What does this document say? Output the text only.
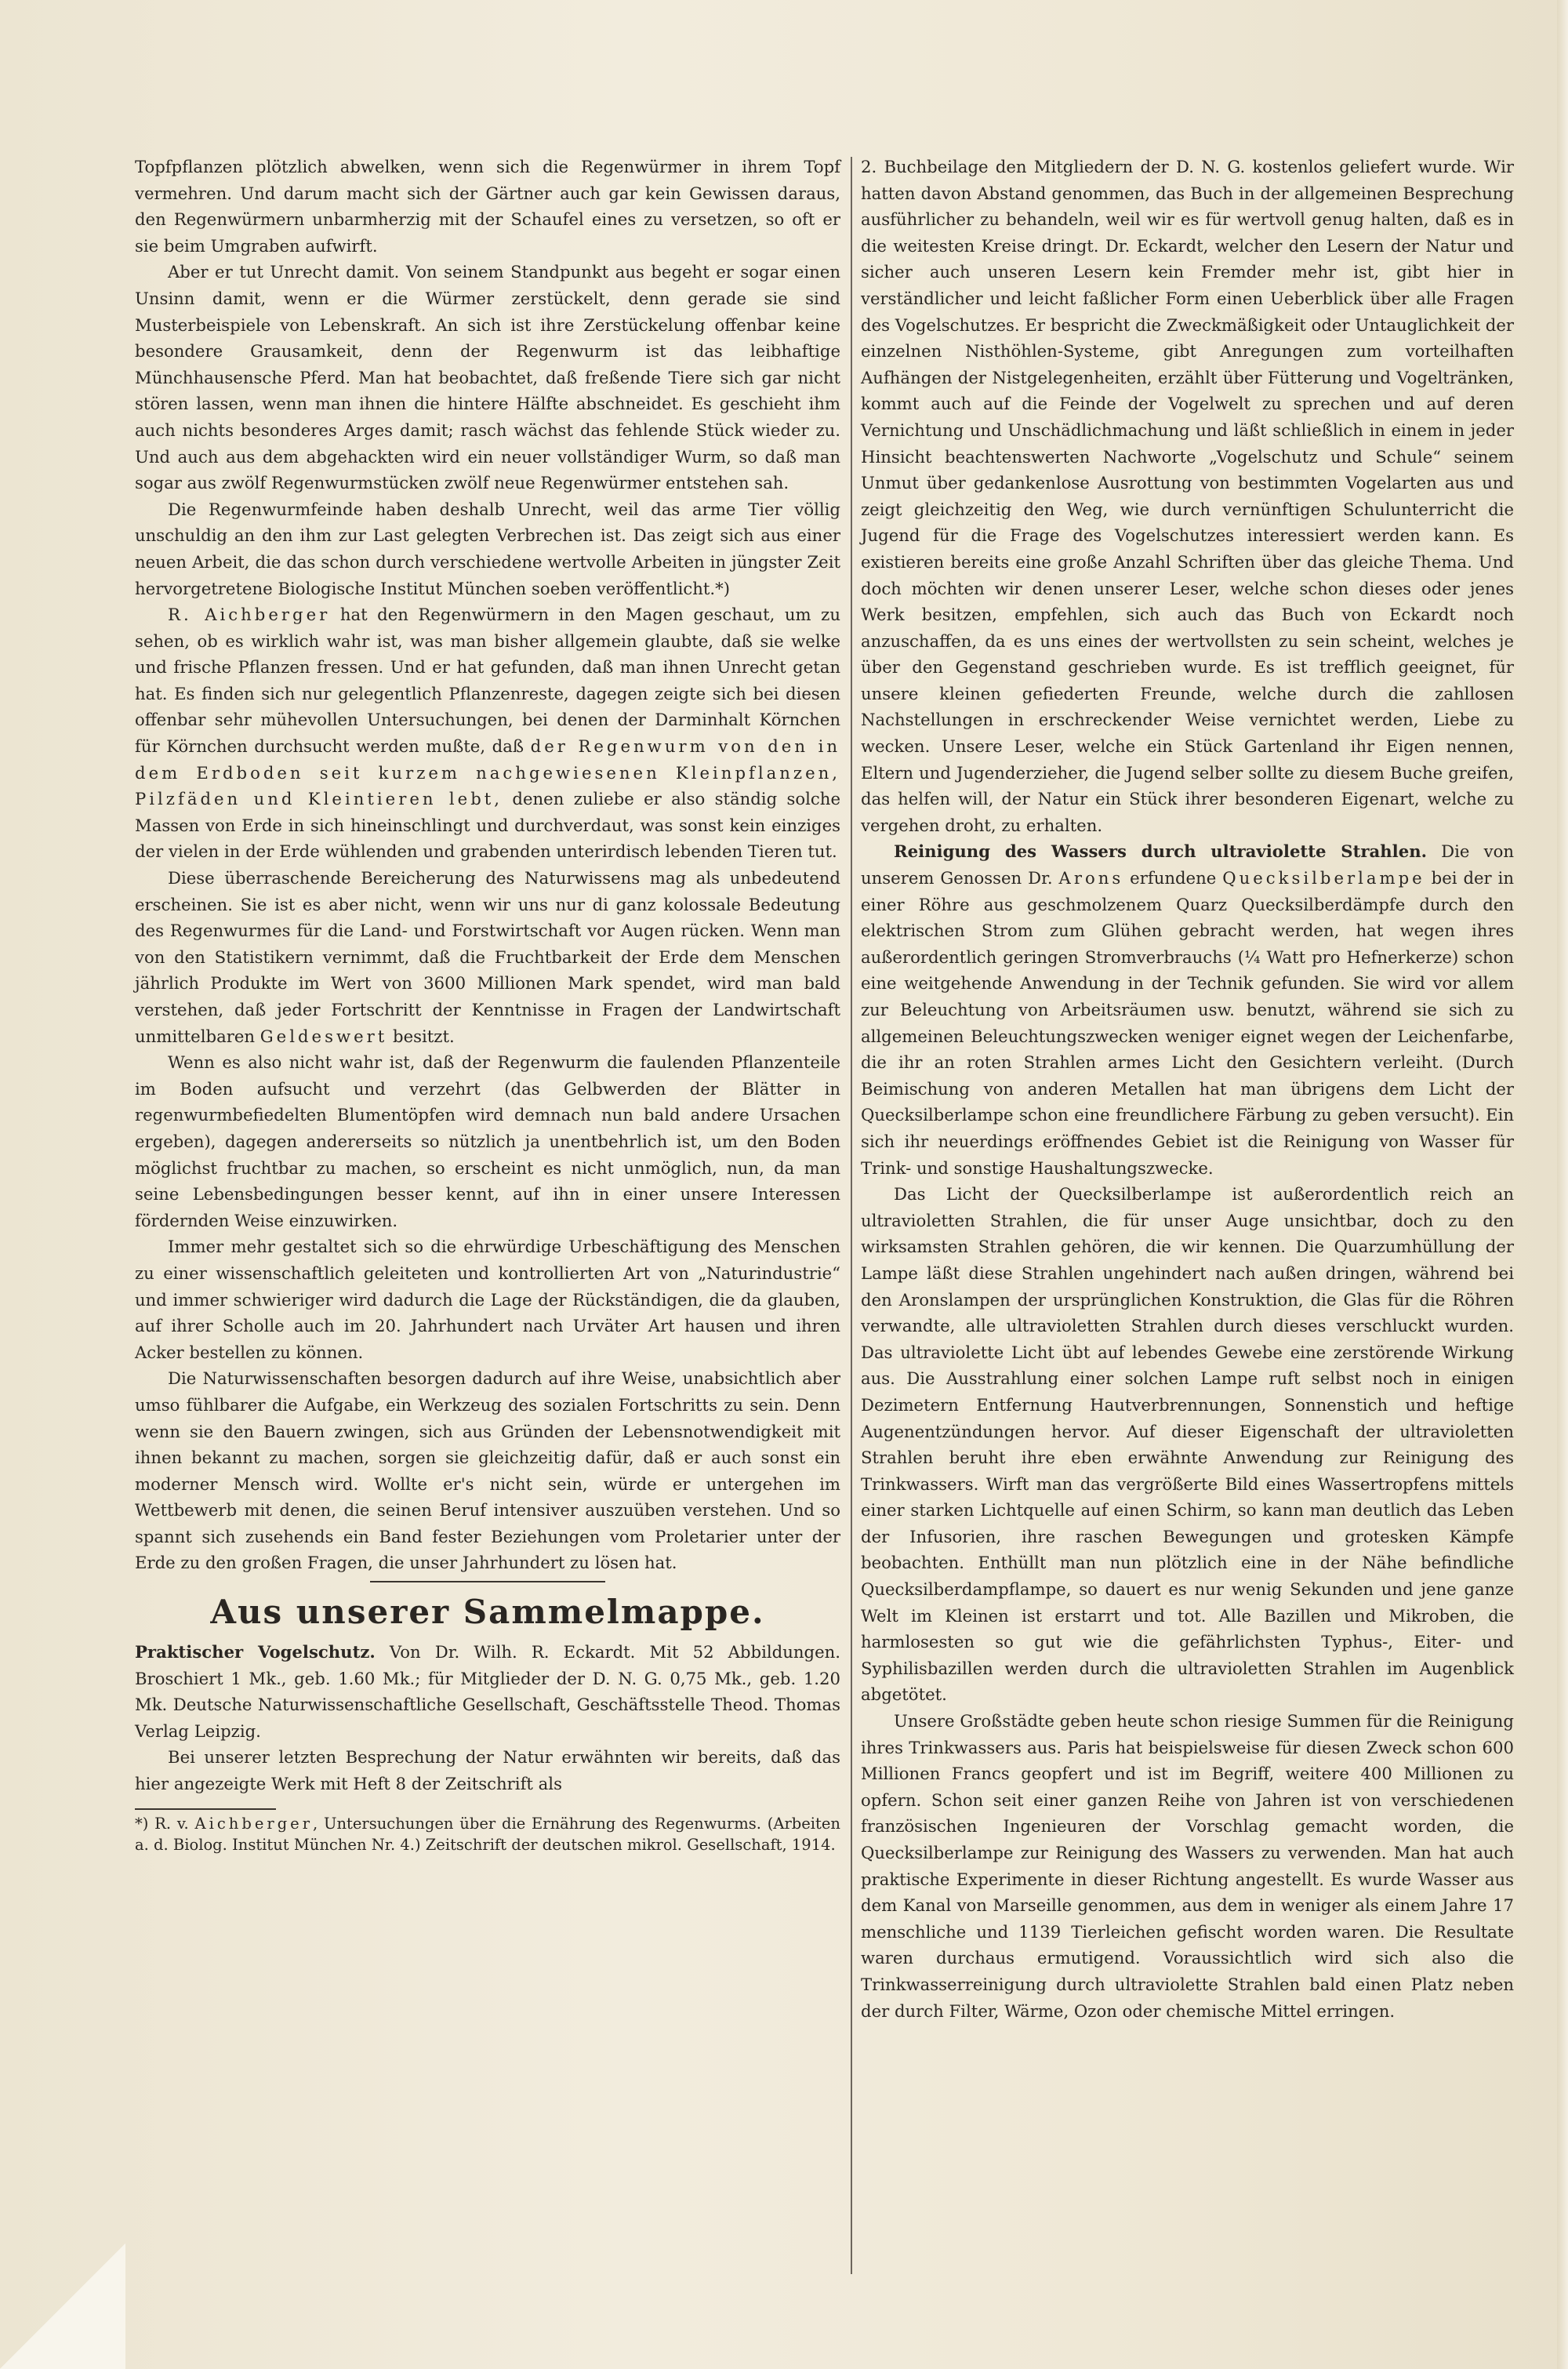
Topfpflanzen plötzlich abwelken, wenn sich die Regenwürmer in ihrem Topf vermehren. Und darum macht sich der Gärtner auch gar kein Gewissen daraus, den Regenwürmern unbarmherzig mit der Schaufel eines zu versetzen, so oft er sie beim Umgraben aufwirft.

Aber er tut Unrecht damit. Von seinem Standpunkt aus begeht er sogar einen Unsinn damit, wenn er die Würmer zerstückelt, denn gerade sie sind Musterbeispiele von Lebenskraft. An sich ist ihre Zerstückelung offenbar keine besondere Grausamkeit, denn der Regenwurm ist das leibhaftige Münchhausensche Pferd. Man hat beobachtet, daß freßende Tiere sich gar nicht stören lassen, wenn man ihnen die hintere Hälfte abschneidet. Es geschieht ihm auch nichts besonderes Arges damit; rasch wächst das fehlende Stück wieder zu. Und auch aus dem abgehackten wird ein neuer vollständiger Wurm, so daß man sogar aus zwölf Regenwurmstücken zwölf neue Regenwürmer entstehen sah.

Die Regenwurmfeinde haben deshalb Unrecht, weil das arme Tier völlig unschuldig an den ihm zur Last gelegten Verbrechen ist. Das zeigt sich aus einer neuen Arbeit, die das schon durch verschiedene wertvolle Arbeiten in jüngster Zeit hervorgetretene Biologische Institut München soeben veröffentlicht.*)

R. Aichberger hat den Regenwürmern in den Magen geschaut, um zu sehen, ob es wirklich wahr ist, was man bisher allgemein glaubte, daß sie welke und frische Pflanzen fressen. Und er hat gefunden, daß man ihnen Unrecht getan hat. Es finden sich nur gelegentlich Pflanzenreste, dagegen zeigte sich bei diesen offenbar sehr mühevollen Untersuchungen, bei denen der Darminhalt Körnchen für Körnchen durchsucht werden mußte, daß der Regenwurm von den in dem Erdboden seit kurzem nachgewiesenen Kleinpflanzen, Pilzfäden und Kleintieren lebt, denen zuliebe er also ständig solche Massen von Erde in sich hineinschlingt und durchverdaut, was sonst kein einziges der vielen in der Erde wühlenden und grabenden unterirdisch lebenden Tieren tut.

Diese überraschende Bereicherung des Naturwissens mag als unbedeutend erscheinen. Sie ist es aber nicht, wenn wir uns nur di ganz kolossale Bedeutung des Regenwurmes für die Land- und Forstwirtschaft vor Augen rücken. Wenn man von den Statistikern vernimmt, daß die Fruchtbarkeit der Erde dem Menschen jährlich Produkte im Wert von 3600 Millionen Mark spendet, wird man bald verstehen, daß jeder Fortschritt der Kenntnisse in Fragen der Landwirtschaft unmittelbaren Geldeswert besitzt.

Wenn es also nicht wahr ist, daß der Regenwurm die faulenden Pflanzenteile im Boden aufsucht und verzehrt (das Gelbwerden der Blätter in regenwurmbefiedelten Blumentöpfen wird demnach nun bald andere Ursachen ergeben), dagegen andererseits so nützlich ja unentbehrlich ist, um den Boden möglichst fruchtbar zu machen, so erscheint es nicht unmöglich, nun, da man seine Lebensbedingungen besser kennt, auf ihn in einer unsere Interessen fördernden Weise einzuwirken.

Immer mehr gestaltet sich so die ehrwürdige Urbeschäftigung des Menschen zu einer wissenschaftlich geleiteten und kontrollierten Art von „Naturindustrie“ und immer schwieriger wird dadurch die Lage der Rückständigen, die da glauben, auf ihrer Scholle auch im 20. Jahrhundert nach Urväter Art hausen und ihren Acker bestellen zu können.

Die Naturwissenschaften besorgen dadurch auf ihre Weise, unabsichtlich aber umso fühlbarer die Aufgabe, ein Werkzeug des sozialen Fortschritts zu sein. Denn wenn sie den Bauern zwingen, sich aus Gründen der Lebensnotwendigkeit mit ihnen bekannt zu machen, sorgen sie gleichzeitig dafür, daß er auch sonst ein moderner Mensch wird. Wollte er's nicht sein, würde er untergehen im Wettbewerb mit denen, die seinen Beruf intensiver auszuüben verstehen. Und so spannt sich zusehends ein Band fester Beziehungen vom Proletarier unter der Erde zu den großen Fragen, die unser Jahrhundert zu lösen hat.

Aus unserer Sammelmappe.

Praktischer Vogelschutz. Von Dr. Wilh. R. Eckardt. Mit 52 Abbildungen. Broschiert 1 Mk., geb. 1.60 Mk.; für Mitglieder der D. N. G. 0,75 Mk., geb. 1.20 Mk. Deutsche Naturwissenschaftliche Gesellschaft, Geschäftsstelle Theod. Thomas Verlag Leipzig.

Bei unserer letzten Besprechung der Natur erwähnten wir bereits, daß das hier angezeigte Werk mit Heft 8 der Zeitschrift als

*) R. v. Aichberger, Untersuchungen über die Ernährung des Regenwurms. (Arbeiten a. d. Biolog. Institut München Nr. 4.) Zeitschrift der deutschen mikrol. Gesellschaft, 1914.

2. Buchbeilage den Mitgliedern der D. N. G. kostenlos geliefert wurde. Wir hatten davon Abstand genommen, das Buch in der allgemeinen Besprechung ausführlicher zu behandeln, weil wir es für wertvoll genug halten, daß es in die weitesten Kreise dringt. Dr. Eckardt, welcher den Lesern der Natur und sicher auch unseren Lesern kein Fremder mehr ist, gibt hier in verständlicher und leicht faßlicher Form einen Ueberblick über alle Fragen des Vogelschutzes. Er bespricht die Zweckmäßigkeit oder Untauglichkeit der einzelnen Nisthöhlen-Systeme, gibt Anregungen zum vorteilhaften Aufhängen der Nistgelegenheiten, erzählt über Fütterung und Vogeltränken, kommt auch auf die Feinde der Vogelwelt zu sprechen und auf deren Vernichtung und Unschädlichmachung und läßt schließlich in einem in jeder Hinsicht beachtenswerten Nachworte „Vogelschutz und Schule“ seinem Unmut über gedankenlose Ausrottung von bestimmten Vogelarten aus und zeigt gleichzeitig den Weg, wie durch vernünftigen Schulunterricht die Jugend für die Frage des Vogelschutzes interessiert werden kann. Es existieren bereits eine große Anzahl Schriften über das gleiche Thema. Und doch möchten wir denen unserer Leser, welche schon dieses oder jenes Werk besitzen, empfehlen, sich auch das Buch von Eckardt noch anzuschaffen, da es uns eines der wertvollsten zu sein scheint, welches je über den Gegenstand geschrieben wurde. Es ist trefflich geeignet, für unsere kleinen gefiederten Freunde, welche durch die zahllosen Nachstellungen in erschreckender Weise vernichtet werden, Liebe zu wecken. Unsere Leser, welche ein Stück Gartenland ihr Eigen nennen, Eltern und Jugenderzieher, die Jugend selber sollte zu diesem Buche greifen, das helfen will, der Natur ein Stück ihrer besonderen Eigenart, welche zu vergehen droht, zu erhalten.

Reinigung des Wassers durch ultraviolette Strahlen. Die von unserem Genossen Dr. Arons erfundene Quecksilberlampe bei der in einer Röhre aus geschmolzenem Quarz Quecksilberdämpfe durch den elektrischen Strom zum Glühen gebracht werden, hat wegen ihres außerordentlich geringen Stromverbrauchs (¼ Watt pro Hefnerkerze) schon eine weitgehende Anwendung in der Technik gefunden. Sie wird vor allem zur Beleuchtung von Arbeitsräumen usw. benutzt, während sie sich zu allgemeinen Beleuchtungszwecken weniger eignet wegen der Leichenfarbe, die ihr an roten Strahlen armes Licht den Gesichtern verleiht. (Durch Beimischung von anderen Metallen hat man übrigens dem Licht der Quecksilberlampe schon eine freundlichere Färbung zu geben versucht). Ein sich ihr neuerdings eröffnendes Gebiet ist die Reinigung von Wasser für Trink- und sonstige Haushaltungszwecke.

Das Licht der Quecksilberlampe ist außerordentlich reich an ultravioletten Strahlen, die für unser Auge unsichtbar, doch zu den wirksamsten Strahlen gehören, die wir kennen. Die Quarzumhüllung der Lampe läßt diese Strahlen ungehindert nach außen dringen, während bei den Aronslampen der ursprünglichen Konstruktion, die Glas für die Röhren verwandte, alle ultravioletten Strahlen durch dieses verschluckt wurden. Das ultraviolette Licht übt auf lebendes Gewebe eine zerstörende Wirkung aus. Die Ausstrahlung einer solchen Lampe ruft selbst noch in einigen Dezimetern Entfernung Hautverbrennungen, Sonnenstich und heftige Augenentzündungen hervor. Auf dieser Eigenschaft der ultravioletten Strahlen beruht ihre eben erwähnte Anwendung zur Reinigung des Trinkwassers. Wirft man das vergrößerte Bild eines Wassertropfens mittels einer starken Lichtquelle auf einen Schirm, so kann man deutlich das Leben der Infusorien, ihre raschen Bewegungen und grotesken Kämpfe beobachten. Enthüllt man nun plötzlich eine in der Nähe befindliche Quecksilberdampflampe, so dauert es nur wenig Sekunden und jene ganze Welt im Kleinen ist erstarrt und tot. Alle Bazillen und Mikroben, die harmlosesten so gut wie die gefährlichsten Typhus-, Eiter- und Syphilisbazillen werden durch die ultravioletten Strahlen im Augenblick abgetötet.

Unsere Großstädte geben heute schon riesige Summen für die Reinigung ihres Trinkwassers aus. Paris hat beispielsweise für diesen Zweck schon 600 Millionen Francs geopfert und ist im Begriff, weitere 400 Millionen zu opfern. Schon seit einer ganzen Reihe von Jahren ist von verschiedenen französischen Ingenieuren der Vorschlag gemacht worden, die Quecksilberlampe zur Reinigung des Wassers zu verwenden. Man hat auch praktische Experimente in dieser Richtung angestellt. Es wurde Wasser aus dem Kanal von Marseille genommen, aus dem in weniger als einem Jahre 17 menschliche und 1139 Tierleichen gefischt worden waren. Die Resultate waren durchaus ermutigend. Voraussichtlich wird sich also die Trinkwasserreinigung durch ultraviolette Strahlen bald einen Platz neben der durch Filter, Wärme, Ozon oder chemische Mittel erringen.
